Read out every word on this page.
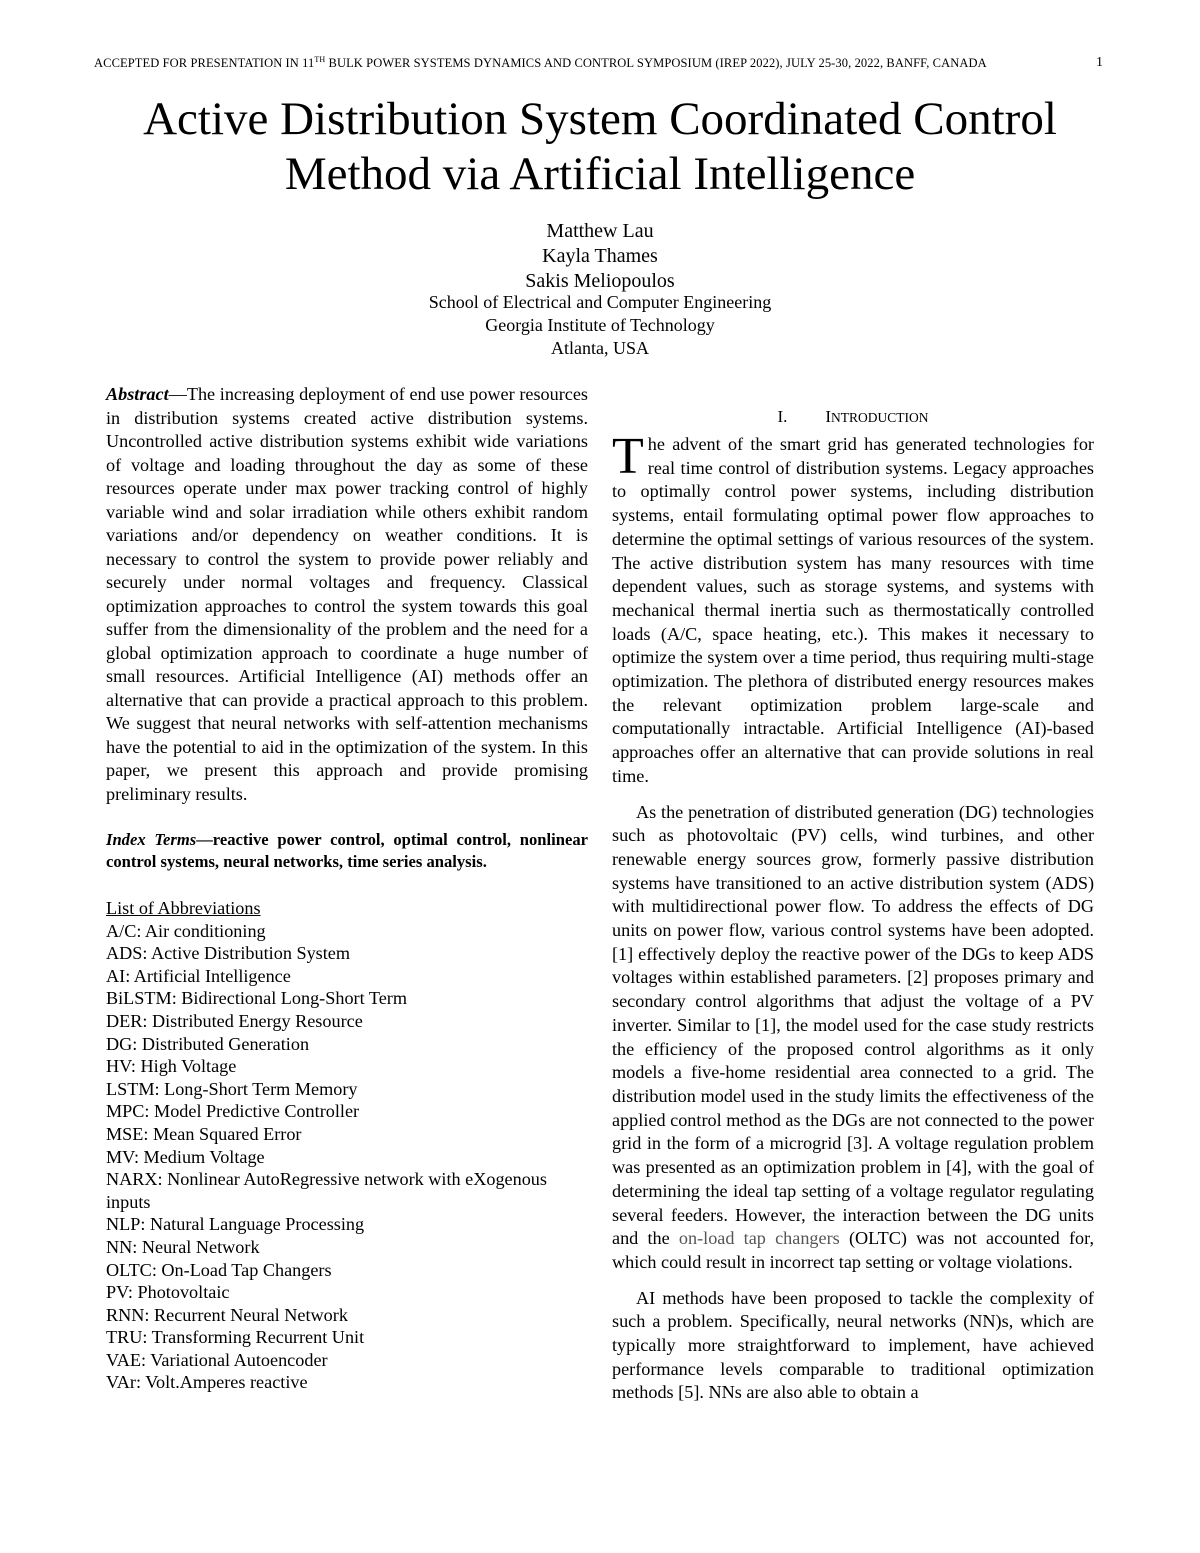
ACCEPTED FOR PRESENTATION IN 11TH BULK POWER SYSTEMS DYNAMICS AND CONTROL SYMPOSIUM (IREP 2022), JULY 25-30, 2022, BANFF, CANADA	1
Active Distribution System Coordinated Control
Method via Artificial Intelligence
Matthew Lau
Kayla Thames
Sakis Meliopoulos
School of Electrical and Computer Engineering
Georgia Institute of Technology
Atlanta, USA

Abstract—The increasing deployment of end use power resources in distribution systems created active distribution systems. Uncontrolled active distribution systems exhibit wide variations of voltage and loading throughout the day as some of these resources operate under max power tracking control of highly variable wind and solar irradiation while others exhibit random variations and/or dependency on weather conditions. It is necessary to control the system to provide power reliably and securely under normal voltages and frequency. Classical optimization approaches to control the system towards this goal suffer from the dimensionality of the problem and the need for a global optimization approach to coordinate a huge number of small resources. Artificial Intelligence (AI) methods offer an alternative that can provide a practical approach to this problem. We suggest that neural networks with self-attention mechanisms have the potential to aid in the optimization of the system. In this paper, we present this approach and provide promising preliminary results.

Index Terms—reactive power control, optimal control, nonlinear control systems, neural networks, time series analysis.

List of Abbreviations
A/C: Air conditioning
ADS: Active Distribution System
AI: Artificial Intelligence
BiLSTM: Bidirectional Long-Short Term
DER: Distributed Energy Resource
DG: Distributed Generation
HV: High Voltage
LSTM: Long-Short Term Memory
MPC: Model Predictive Controller
MSE: Mean Squared Error
MV: Medium Voltage
NARX: Nonlinear AutoRegressive network with eXogenous inputs
NLP: Natural Language Processing
NN: Neural Network
OLTC: On-Load Tap Changers
PV: Photovoltaic
RNN: Recurrent Neural Network
TRU: Transforming Recurrent Unit
VAE: Variational Autoencoder
VAr: Volt.Amperes reactive
I. INTRODUCTION

The advent of the smart grid has generated technologies for real time control of distribution systems. Legacy approaches to optimally control power systems, including distribution systems, entail formulating optimal power flow approaches to determine the optimal settings of various resources of the system. The active distribution system has many resources with time dependent values, such as storage systems, and systems with mechanical thermal inertia such as thermostatically controlled loads (A/C, space heating, etc.). This makes it necessary to optimize the system over a time period, thus requiring multi-stage optimization. The plethora of distributed energy resources makes the relevant optimization problem large-scale and computationally intractable. Artificial Intelligence (AI)-based approaches offer an alternative that can provide solutions in real time.

As the penetration of distributed generation (DG) technologies such as photovoltaic (PV) cells, wind turbines, and other renewable energy sources grow, formerly passive distribution systems have transitioned to an active distribution system (ADS) with multidirectional power flow. To address the effects of DG units on power flow, various control systems have been adopted. [1] effectively deploy the reactive power of the DGs to keep ADS voltages within established parameters. [2] proposes primary and secondary control algorithms that adjust the voltage of a PV inverter. Similar to [1], the model used for the case study restricts the efficiency of the proposed control algorithms as it only models a five-home residential area connected to a grid. The distribution model used in the study limits the effectiveness of the applied control method as the DGs are not connected to the power grid in the form of a microgrid [3]. A voltage regulation problem was presented as an optimization problem in [4], with the goal of determining the ideal tap setting of a voltage regulator regulating several feeders. However, the interaction between the DG units and the on-load tap changers (OLTC) was not accounted for, which could result in incorrect tap setting or voltage violations.

AI methods have been proposed to tackle the complexity of such a problem. Specifically, neural networks (NN)s, which are typically more straightforward to implement, have achieved performance levels comparable to traditional optimization methods [5]. NNs are also able to obtain a
